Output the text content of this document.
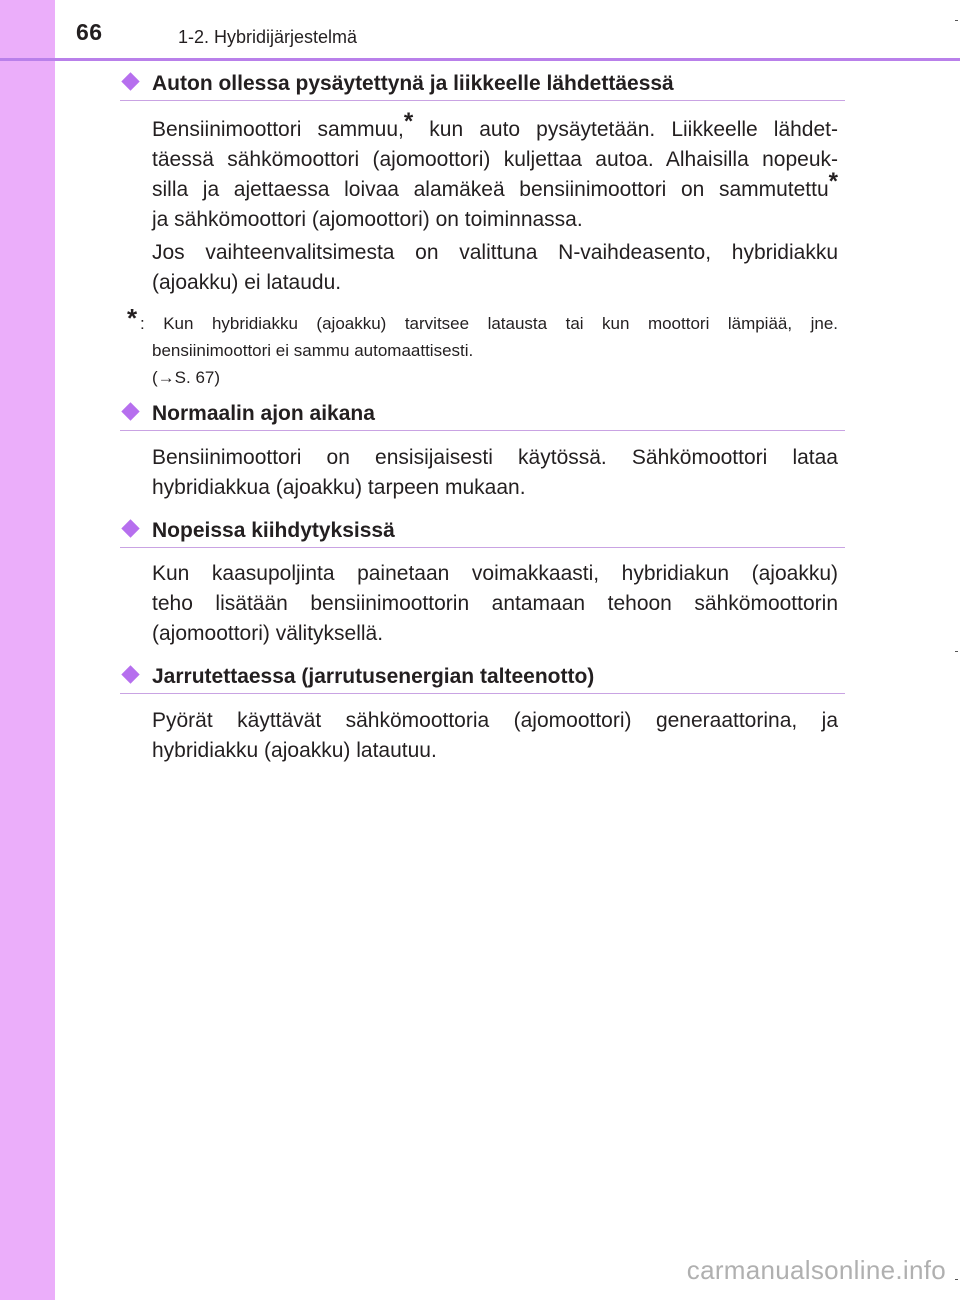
66	1-2. Hybridijärjestelmä
Auton ollessa pysäytettynä ja liikkeelle lähdettäessä
Bensiinimoottori sammuu,* kun auto pysäytetään. Liikkeelle lähdet-
täessä sähkömoottori (ajomoottori) kuljettaa autoa. Alhaisilla nopeuk-
silla ja ajettaessa loivaa alamäkeä bensiinimoottori on sammutettu*
ja sähkömoottori (ajomoottori) on toiminnassa.
Jos vaihteenvalitsimesta on valittuna N-vaihdeasento, hybridiakku
(ajoakku) ei lataudu.
* : Kun hybridiakku (ajoakku) tarvitsee latausta tai kun moottori lämpiää, jne.
bensiinimoottori ei sammu automaattisesti.
(→S. 67)
Normaalin ajon aikana
Bensiinimoottori on ensisijaisesti käytössä. Sähkömoottori lataa
hybridiakkua (ajoakku) tarpeen mukaan.
Nopeissa kiihdytyksissä
Kun kaasupoljinta painetaan voimakkaasti, hybridiakun (ajoakku)
teho lisätään bensiinimoottorin antamaan tehoon sähkömoottorin
(ajomoottori) välityksellä.
Jarrutettaessa (jarrutusenergian talteenotto)
Pyörät käyttävät sähkömoottoria (ajomoottori) generaattorina, ja
hybridiakku (ajoakku) latautuu.
carmanualsonline.info
